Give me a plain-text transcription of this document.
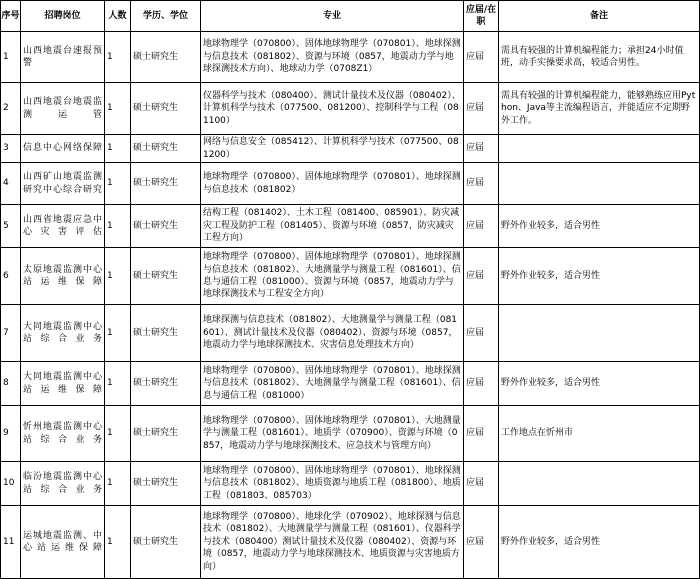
序号	招聘岗位	人数	学历、学位	专业	应届/在职	备注
1	山西地震台速报预警	1	硕士研究生	地球物理学（070800）、固体地球物理学（070801）、地球探测与信息技术（081802）、资源与环境（0857，地震动力学与地球探测技术方向）、地球动力学（0708Z1）	应届	需具有较强的计算机编程能力；承担24小时值班，动手实操要求高，较适合男性。
2	山西地震台地震监测运管	1	硕士研究生	仪器科学与技术（080400）、测试计量技术及仪器（080402）、计算机科学与技术（077500、081200）、控制科学与工程（081100）	应届	需具有较强的计算机编程能力，能够熟练应用Python、Java等主流编程语言，并能适应不定期野外工作。
3	信息中心网络保障	1	硕士研究生	网络与信息安全（085412）、计算机科学与技术（077500、081200）	应届	
4	山西矿山地震监测研究中心综合研究	1	硕士研究生	地球物理学（070800）、固体地球物理学（070801）、地球探测与信息技术（081802）	应届	
5	山西省地震应急中心灾害评估	1	硕士研究生	结构工程（081402）、土木工程（081400、085901）、防灾减灾工程及防护工程（081405）、资源与环境（0857，防灾减灾工程方向）	应届	野外作业较多，适合男性
6	太原地震监测中心站运维保障	1	硕士研究生	地球物理学（070800）、固体地球物理学（070801）、地球探测与信息技术（081802）、大地测量学与测量工程（081601）、信息与通信工程（081000）、资源与环境（0857，地震动力学与地球探测技术与工程安全方向）	应届	野外作业较多，适合男性
7	大同地震监测中心站综合业务	1	硕士研究生	地球探测与信息技术（081802）、大地测量学与测量工程（081601）、测试计量技术及仪器（080402）、资源与环境（0857，地震动力学与地球探测技术、灾害信息处理技术方向）	应届	
8	大同地震监测中心站运维保障	1	硕士研究生	地球物理学（070800）、固体地球物理学（070801）、地球探测与信息技术（081802）、大地测量学与测量工程（081601）、信息与通信工程（081000）	应届	野外作业较多，适合男性
9	忻州地震监测中心站综合业务	1	硕士研究生	地球物理学（070800）、固体地球物理学（070801）、大地测量学与测量工程（081601）、地质学（070900）、资源与环境（0857，地震动力学与地球探测技术、应急技术与管理方向）	应届	工作地点在忻州市
10	临汾地震监测中心站综合业务	1	硕士研究生	地球物理学（070800）、固体地球物理学（070801）、地球探测与信息技术（081802）、地质资源与地质工程（081800）、地质工程（081803、085703）	应届	
11	运城地震监测、中心站运维保障	1	硕士研究生	地球物理学（070800）、地球化学（070902）、地球探测与信息技术（081802）、大地测量学与测量工程（081601）、仪器科学与技术（080400）测试计量技术及仪器（080402）、资源与环境（0857，地震动力学与地球探测技术、地质资源与灾害地质方向）	应届	野外作业较多，适合男性
